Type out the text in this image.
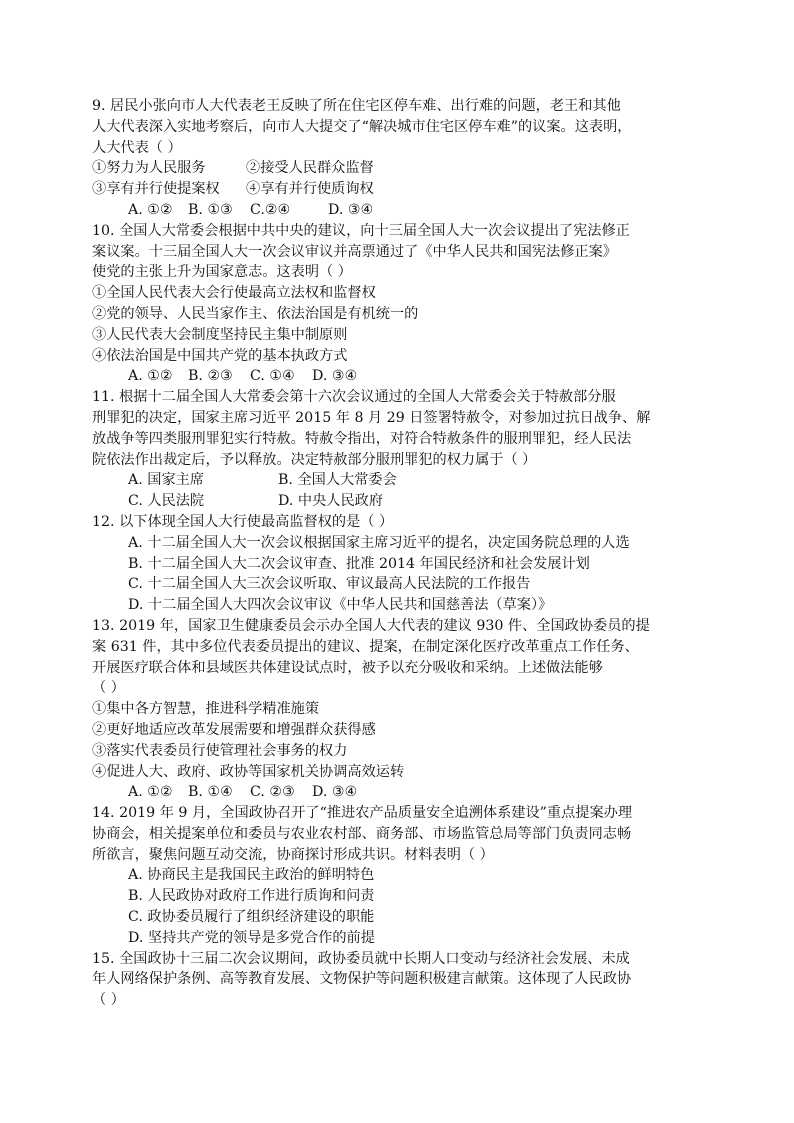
9. 居民小张向市人大代表老王反映了所在住宅区停车难、出行难的问题，老王和其他
人大代表深入实地考察后，向市人大提交了“解决城市住宅区停车难”的议案。这表明，
人大代表（ ）
①努力为人民服务	②接受人民群众监督
③享有并行使提案权 ④享有并行使质询权
A. ①② B. ①③ C.②④	D. ③④
10. 全国人大常委会根据中共中央的建议，向十三届全国人大一次会议提出了宪法修正
案议案。十三届全国人大一次会议审议并高票通过了《中华人民共和国宪法修正案》
使党的主张上升为国家意志。这表明（ ）
①全国人民代表大会行使最高立法权和监督权
②党的领导、人民当家作主、依法治国是有机统一的
③人民代表大会制度坚持民主集中制原则
④依法治国是中国共产党的基本执政方式
A. ①② B. ②③ C. ①④ D. ③④
11. 根据十二届全国人大常委会第十六次会议通过的全国人大常委会关于特赦部分服
刑罪犯的决定，国家主席习近平 2015 年 8 月 29 日签署特赦令，对参加过抗日战争、解
放战争等四类服刑罪犯实行特赦。特赦令指出，对符合特赦条件的服刑罪犯，经人民法
院依法作出裁定后，予以释放。决定特赦部分服刑罪犯的权力属于（ ）
A. 国家主席	B. 全国人大常委会
C. 人民法院	D. 中央人民政府
12. 以下体现全国人大行使最高监督权的是（ ）
A. 十二届全国人大一次会议根据国家主席习近平的提名，决定国务院总理的人选
B. 十二届全国人大二次会议审查、批准 2014 年国民经济和社会发展计划
C. 十二届全国人大三次会议听取、审议最高人民法院的工作报告
D. 十二届全国人大四次会议审议《中华人民共和国慈善法（草案）》
13. 2019 年，国家卫生健康委员会示办全国人大代表的建议 930 件、全国政协委员的提
案 631 件，其中多位代表委员提出的建议、提案，在制定深化医疗改革重点工作任务、
开展医疗联合体和县域医共体建设试点时，被予以充分吸收和采纳。上述做法能够
（ ）
①集中各方智慧，推进科学精准施策
②更好地适应改革发展需要和增强群众获得感
③落实代表委员行使管理社会事务的权力
④促进人大、政府、政协等国家机关协调高效运转
A. ①② B. ①④ C. ②③ D. ③④
14. 2019 年 9 月，全国政协召开了“推进农产品质量安全追溯体系建设”重点提案办理
协商会，相关提案单位和委员与农业农村部、商务部、市场监管总局等部门负责同志畅
所欲言，聚焦问题互动交流，协商探讨形成共识。材料表明（ ）
A. 协商民主是我国民主政治的鲜明特色
B. 人民政协对政府工作进行质询和问责
C. 政协委员履行了组织经济建设的职能
D. 坚持共产党的领导是多党合作的前提
15. 全国政协十三届二次会议期间，政协委员就中长期人口变动与经济社会发展、未成
年人网络保护条例、高等教育发展、文物保护等问题积极建言献策。这体现了人民政协
（ ）
